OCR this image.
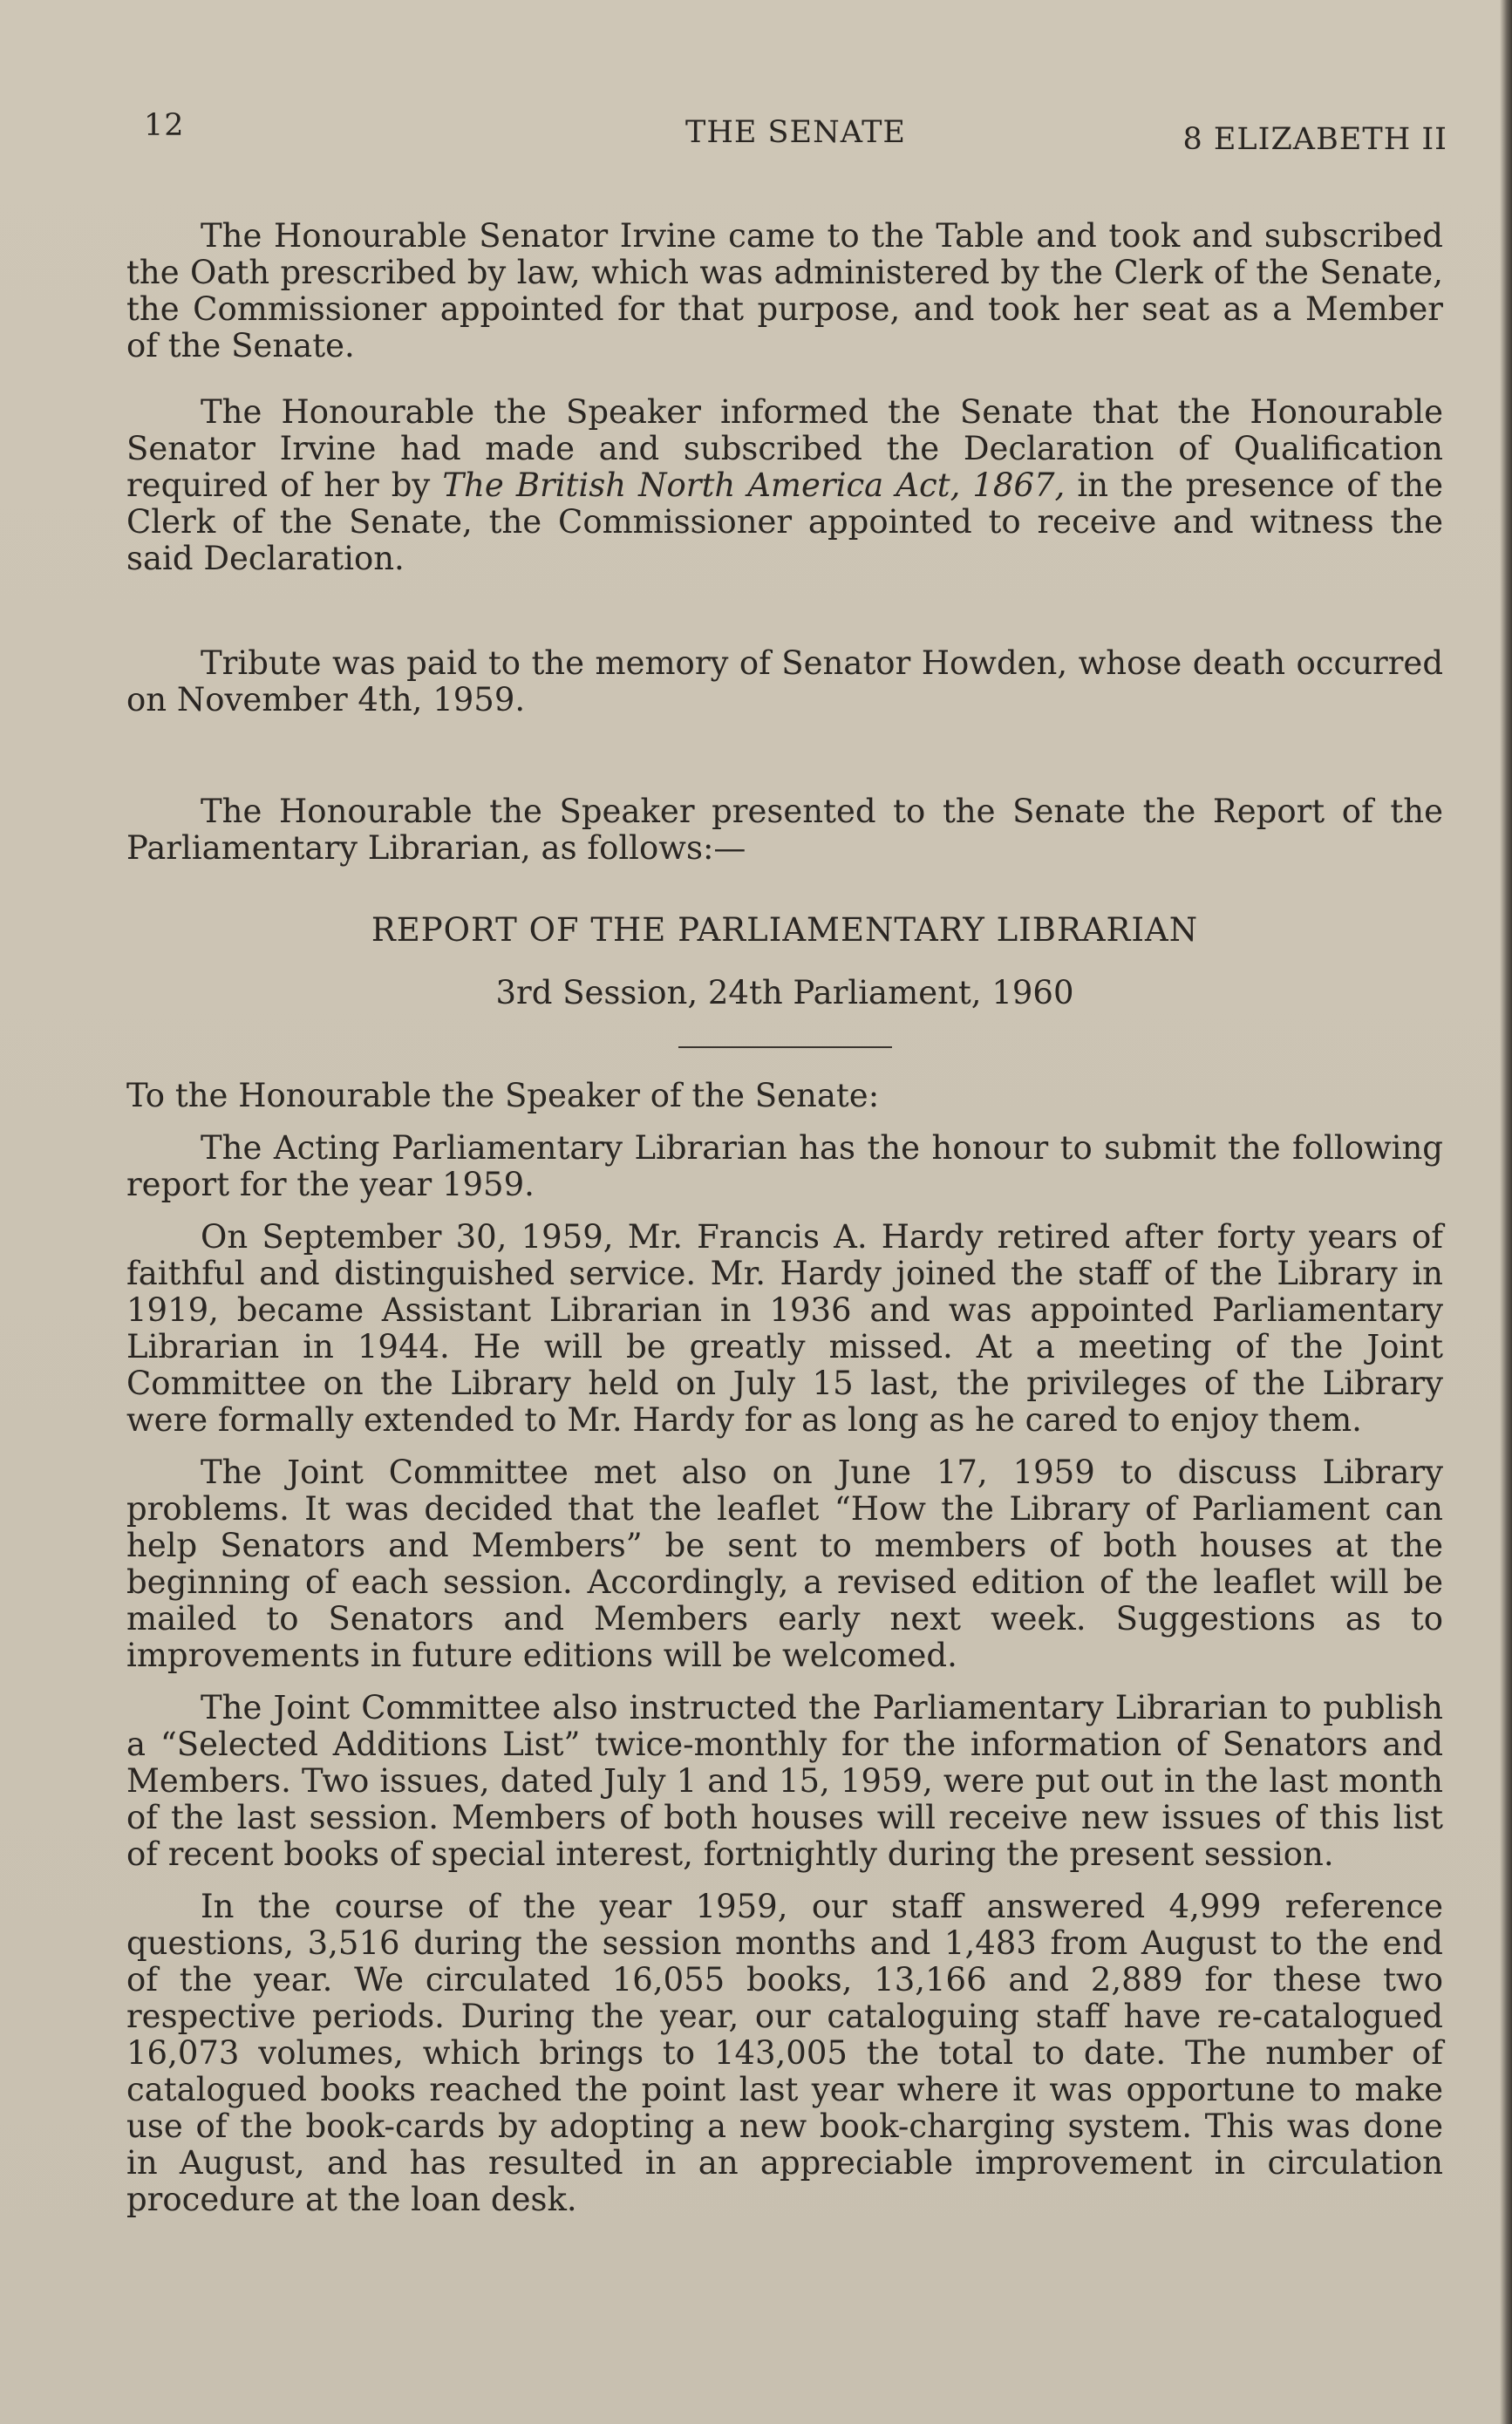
12	THE SENATE	8 ELIZABETH II

The Honourable Senator Irvine came to the Table and took and subscribed the Oath prescribed by law, which was administered by the Clerk of the Senate, the Commissioner appointed for that purpose, and took her seat as a Member of the Senate.

The Honourable the Speaker informed the Senate that the Honourable Senator Irvine had made and subscribed the Declaration of Qualification required of her by The British North America Act, 1867, in the presence of the Clerk of the Senate, the Commissioner appointed to receive and witness the said Declaration.

Tribute was paid to the memory of Senator Howden, whose death occurred on November 4th, 1959.

The Honourable the Speaker presented to the Senate the Report of the Parliamentary Librarian, as follows:—

REPORT OF THE PARLIAMENTARY LIBRARIAN
3rd Session, 24th Parliament, 1960

To the Honourable the Speaker of the Senate:

The Acting Parliamentary Librarian has the honour to submit the following report for the year 1959.

On September 30, 1959, Mr. Francis A. Hardy retired after forty years of faithful and distinguished service. Mr. Hardy joined the staff of the Library in 1919, became Assistant Librarian in 1936 and was appointed Parliamentary Librarian in 1944. He will be greatly missed. At a meeting of the Joint Committee on the Library held on July 15 last, the privileges of the Library were formally extended to Mr. Hardy for as long as he cared to enjoy them.

The Joint Committee met also on June 17, 1959 to discuss Library problems. It was decided that the leaflet “How the Library of Parliament can help Senators and Members” be sent to members of both houses at the beginning of each session. Accordingly, a revised edition of the leaflet will be mailed to Senators and Members early next week. Suggestions as to improvements in future editions will be welcomed.

The Joint Committee also instructed the Parliamentary Librarian to publish a “Selected Additions List” twice-monthly for the information of Senators and Members. Two issues, dated July 1 and 15, 1959, were put out in the last month of the last session. Members of both houses will receive new issues of this list of recent books of special interest, fortnightly during the present session.

In the course of the year 1959, our staff answered 4,999 reference questions, 3,516 during the session months and 1,483 from August to the end of the year. We circulated 16,055 books, 13,166 and 2,889 for these two respective periods. During the year, our cataloguing staff have re-catalogued 16,073 volumes, which brings to 143,005 the total to date. The number of catalogued books reached the point last year where it was opportune to make use of the book-cards by adopting a new book-charging system. This was done in August, and has resulted in an appreciable improvement in circulation procedure at the loan desk.
